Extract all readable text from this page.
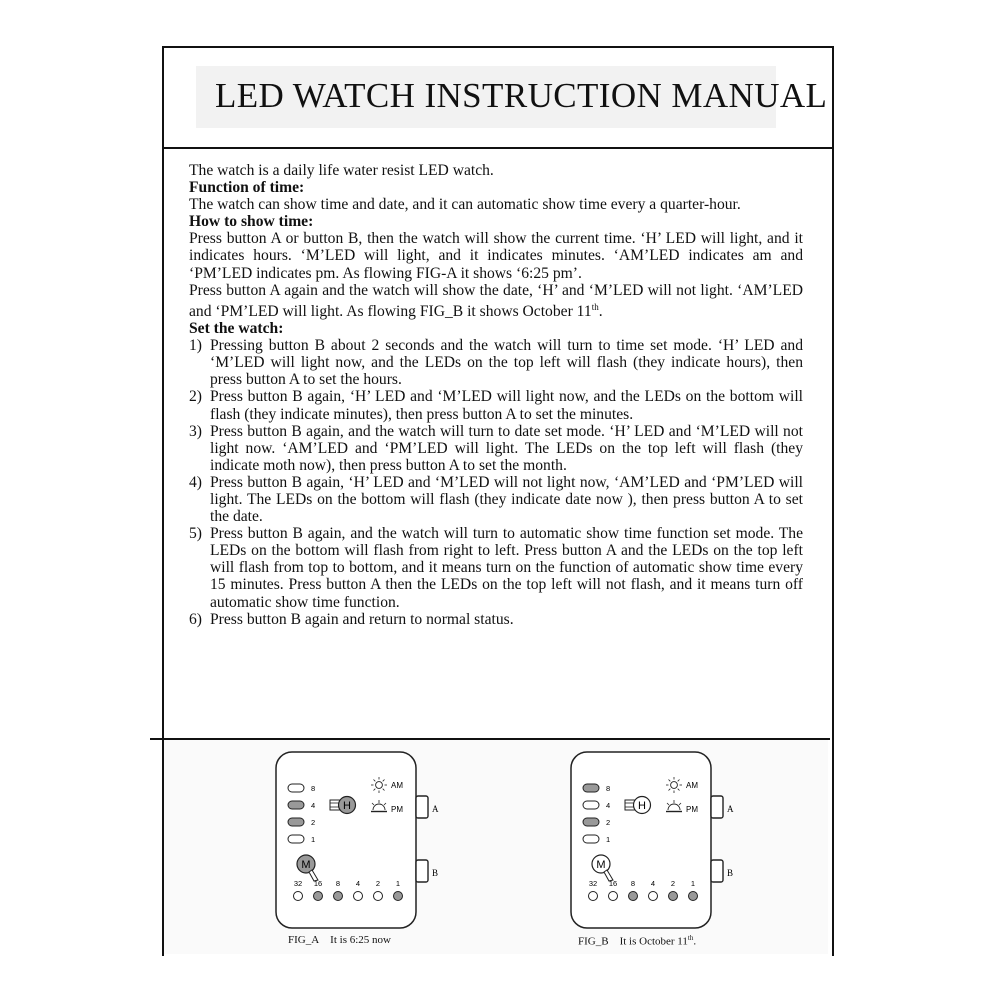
LED WATCH INSTRUCTION MANUAL

The watch is a daily life water resist LED watch.

Function of time:

The watch can show time and date, and it can automatic show time every a quarter-hour.

How to show time:

Press button A or button B, then the watch will show the current time. ‘H’ LED will light, and it indicates hours. ‘M’LED will light, and it indicates minutes. ‘AM’LED indicates am and ‘PM’LED indicates pm. As flowing FIG-A it shows ‘6:25 pm’.

Press button A again and the watch will show the date, ‘H’ and ‘M’LED will not light. ‘AM’LED and ‘PM’LED will light. As flowing FIG_B it shows October 11th.

Set the watch:

1) Pressing button B about 2 seconds and the watch will turn to time set mode. ‘H’ LED and ‘M’LED will light now, and the LEDs on the top left will flash (they indicate hours), then press button A to set the hours.
2) Press button B again, ‘H’ LED and ‘M’LED will light now, and the LEDs on the bottom will flash (they indicate minutes), then press button A to set the minutes.
3) Press button B again, and the watch will turn to date set mode. ‘H’ LED and ‘M’LED will not light now. ‘AM’LED and ‘PM’LED will light. The LEDs on the top left will flash (they indicate moth now), then press button A to set the month.
4) Press button B again, ‘H’ LED and ‘M’LED will not light now, ‘AM’LED and ‘PM’LED will light. The LEDs on the bottom will flash (they indicate date now ), then press button A to set the date.
5) Press button B again, and the watch will turn to automatic show time function set mode. The LEDs on the bottom will flash from right to left. Press button A and the LEDs on the top left will flash from top to bottom, and it means turn on the function of automatic show time every 15 minutes. Press button A then the LEDs on the top left will not flash, and it means turn off automatic show time function.
6) Press button B again and return to normal status.
A
B
8
4
2
1
H
AM
PM
M
32 16 8 4 2 1
FIG_A It is 6:25 now
A
B
8
4
2
1
H
AM
PM
M
32 16 8 4 2 1
FIG_B It is October 11th.
